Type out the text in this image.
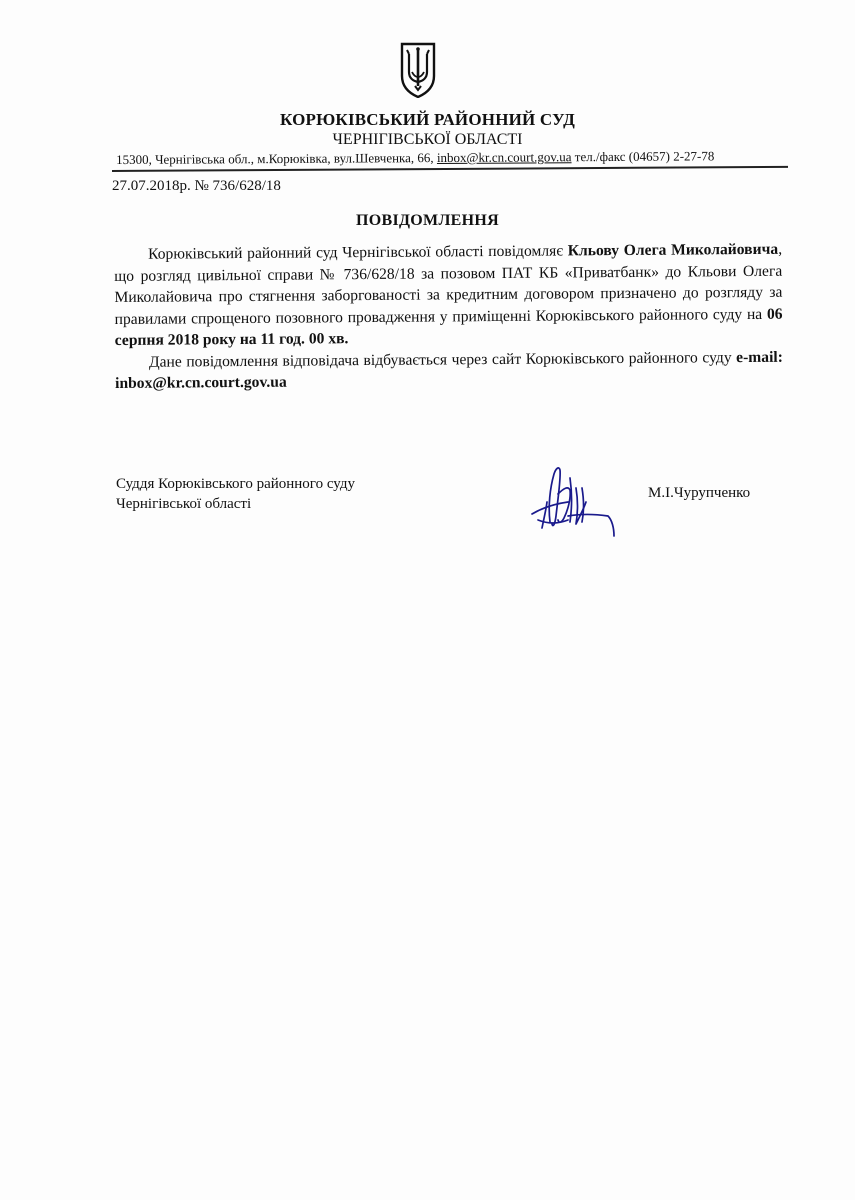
КОРЮКІВСЬКИЙ РАЙОННИЙ СУД
ЧЕРНІГІВСЬКОЇ ОБЛАСТІ
15300, Чернігівська обл., м.Корюківка, вул.Шевченка, 66, inbox@kr.cn.court.gov.ua тел./факс (04657) 2-27-78
27.07.2018р. № 736/628/18
ПОВІДОМЛЕННЯ

Корюківський районний суд Чернігівської області повідомляє Кльову Олега Миколайовича, що розгляд цивільної справи № 736/628/18 за позовом ПАТ КБ «Приватбанк» до Кльови Олега Миколайовича про стягнення заборгованості за кредитним договором призначено до розгляду за правилами спрощеного позовного провадження у приміщенні Корюківського районного суду на 06 серпня 2018 року на 11 год. 00 хв.

Дане повідомлення відповідача відбувається через сайт Корюківського районного суду e-mail: inbox@kr.cn.court.gov.ua

Суддя Корюківського районного суду
Чернігівської області
М.І.Чурупченко
